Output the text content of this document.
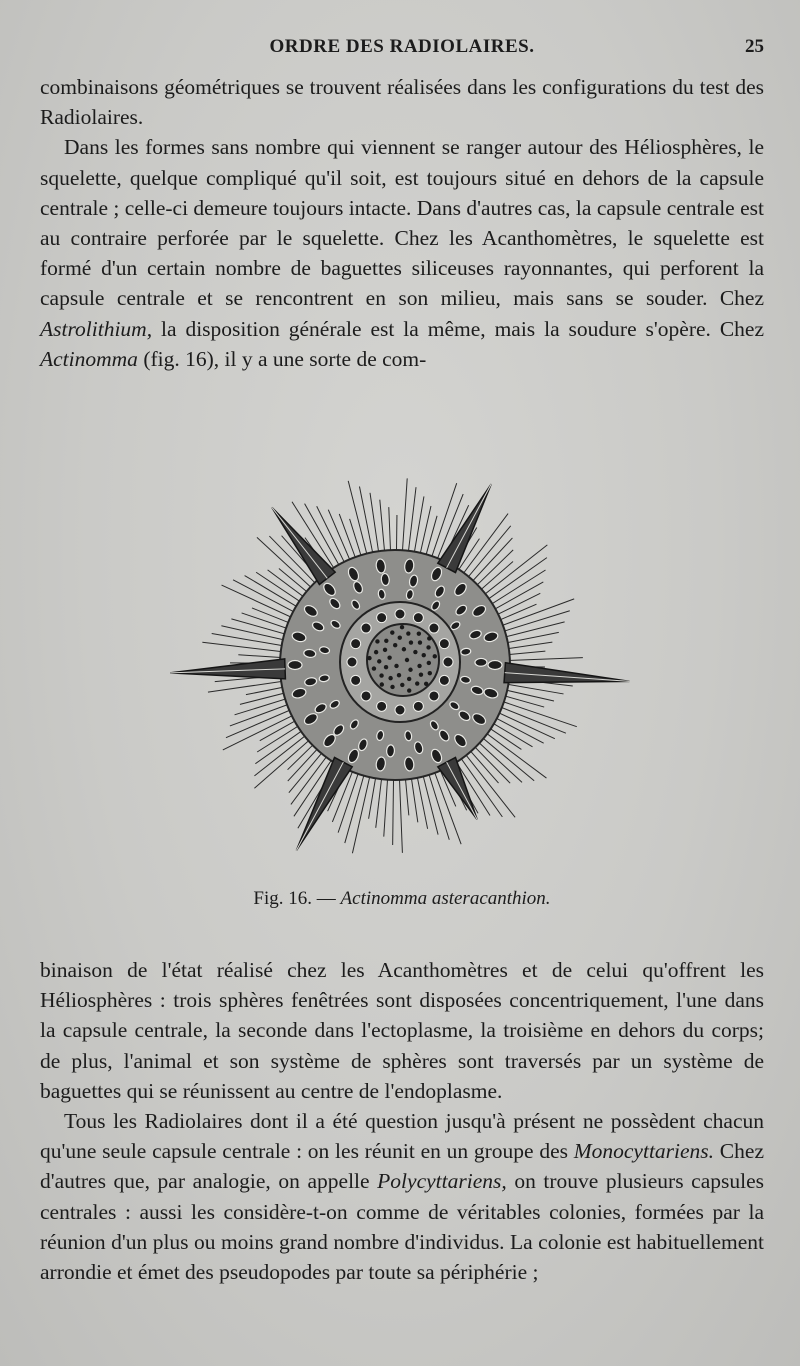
ORDRE DES RADIOLAIRES.	25

combinaisons géométriques se trouvent réalisées dans les configurations du test des Radiolaires.

Dans les formes sans nombre qui viennent se ranger autour des Héliosphères, le squelette, quelque compliqué qu'il soit, est toujours situé en dehors de la capsule centrale ; celle-ci demeure toujours intacte. Dans d'autres cas, la capsule centrale est au contraire perforée par le squelette. Chez les Acanthomètres, le squelette est formé d'un certain nombre de baguettes siliceuses rayonnantes, qui perforent la capsule centrale et se rencontrent en son milieu, mais sans se souder. Chez Astrolithium, la disposition générale est la même, mais la soudure s'opère. Chez Actinomma (fig. 16), il y a une sorte de com-

Fig. 16. — Actinomma asteracanthion.

binaison de l'état réalisé chez les Acanthomètres et de celui qu'offrent les Héliosphères : trois sphères fenêtrées sont disposées concentriquement, l'une dans la capsule centrale, la seconde dans l'ectoplasme, la troisième en dehors du corps; de plus, l'animal et son système de sphères sont traversés par un système de baguettes qui se réunissent au centre de l'endoplasme.

Tous les Radiolaires dont il a été question jusqu'à présent ne possèdent chacun qu'une seule capsule centrale : on les réunit en un groupe des Monocyttariens. Chez d'autres que, par analogie, on appelle Polycyttariens, on trouve plusieurs capsules centrales : aussi les considère-t-on comme de véritables colonies, formées par la réunion d'un plus ou moins grand nombre d'individus. La colonie est habituellement arrondie et émet des pseudopodes par toute sa périphérie ;
